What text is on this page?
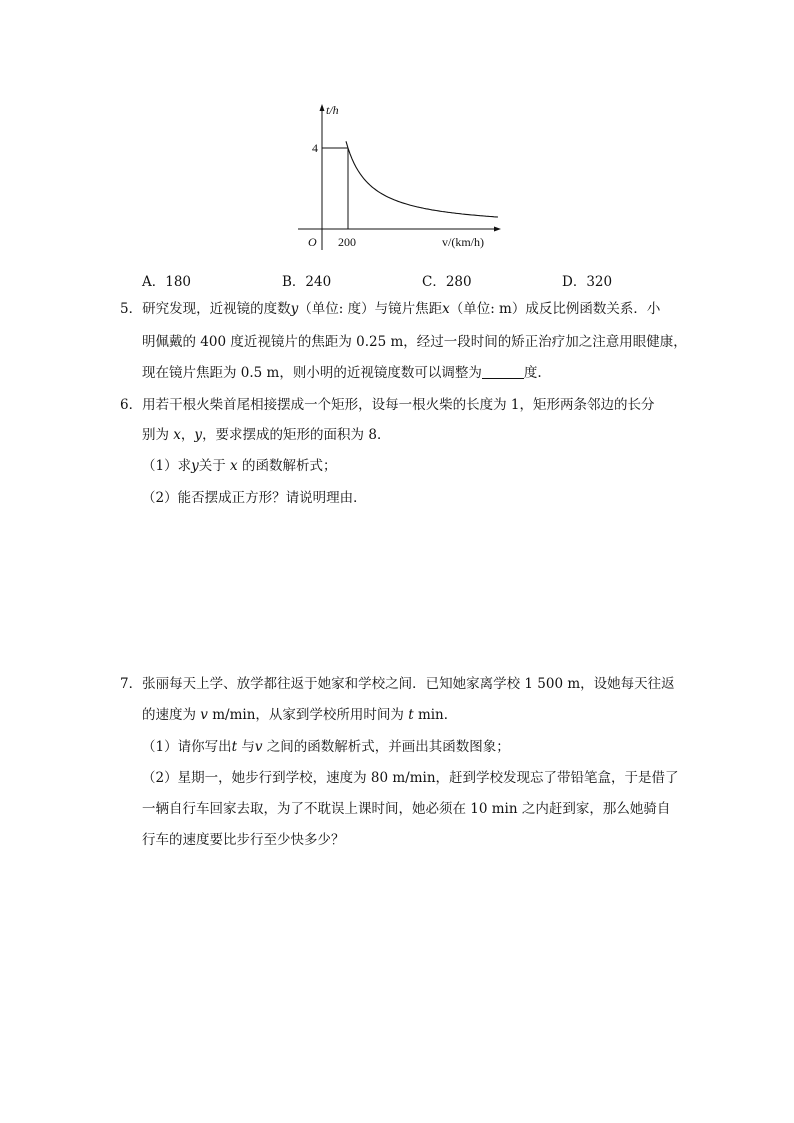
t/h
4
O 200	v/(km/h)
A．180	B．240	C．280	D．320
5．研究发现，近视镜的度数y（单位: 度）与镜片焦距x（单位: m）成反比例函数关系．小
明佩戴的 400 度近视镜片的焦距为 0.25 m，经过一段时间的矫正治疗加之注意用眼健康，
现在镜片焦距为 0.5 m，则小明的近视镜度数可以调整为	度.
6．用若干根火柴首尾相接摆成一个矩形，设每一根火柴的长度为 1，矩形两条邻边的长分
别为 x，y，要求摆成的矩形的面积为 8．
（1）求y关于 x 的函数解析式；
（2）能否摆成正方形？请说明理由．
7．张丽每天上学、放学都往返于她家和学校之间．已知她家离学校 1 500 m，设她每天往返
的速度为 v m/min，从家到学校所用时间为 t min．
（1）请你写出t 与v 之间的函数解析式，并画出其函数图象；
（2）星期一，她步行到学校，速度为 80 m/min，赶到学校发现忘了带铅笔盒，于是借了
一辆自行车回家去取，为了不耽误上课时间，她必须在 10 min 之内赶到家，那么她骑自
行车的速度要比步行至少快多少？
